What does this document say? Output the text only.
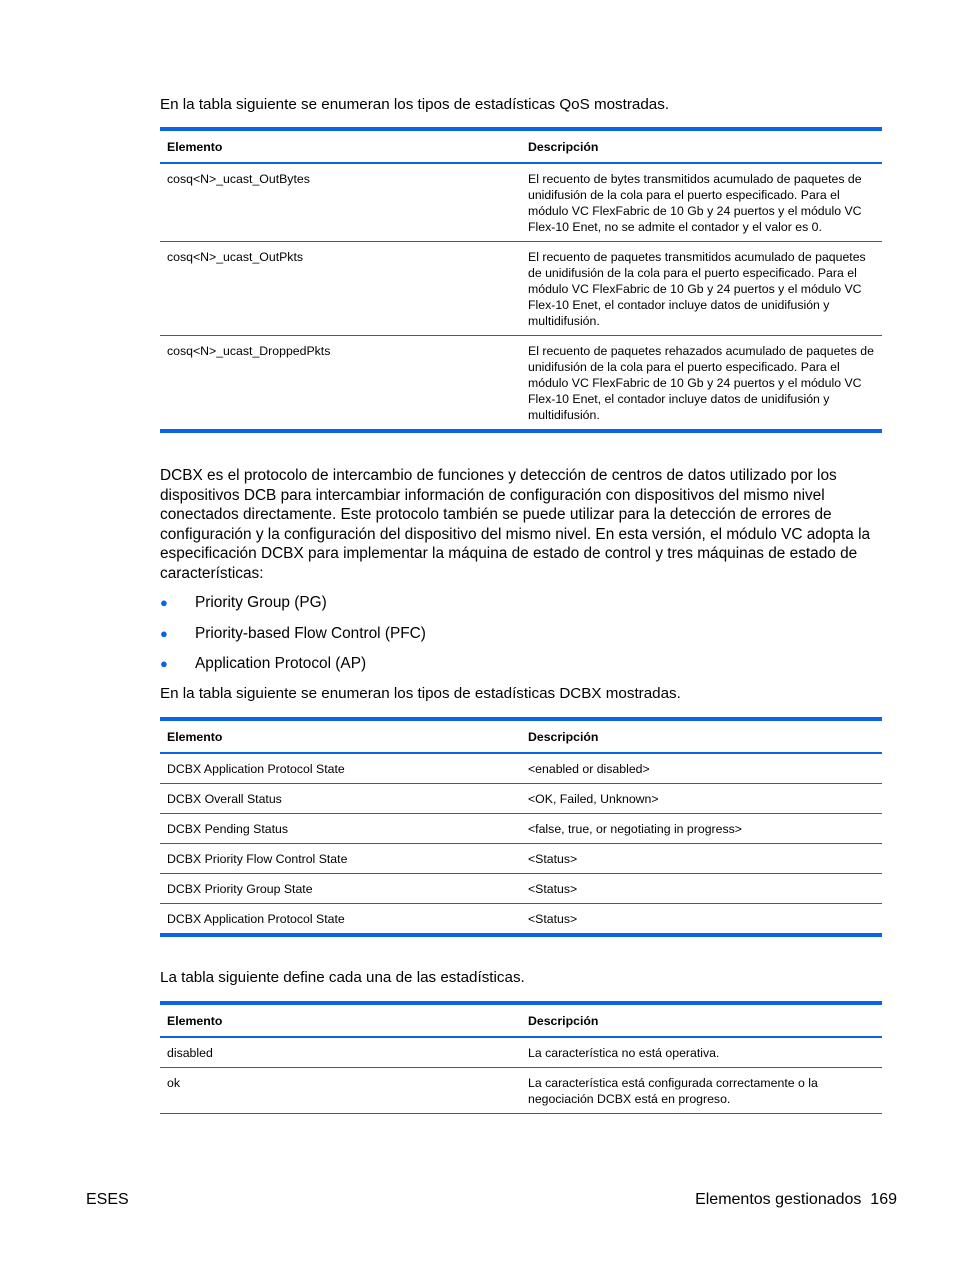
En la tabla siguiente se enumeran los tipos de estadísticas QoS mostradas.

Elemento	Descripción
cosq<N>_ucast_OutBytes	El recuento de bytes transmitidos acumulado de paquetes de unidifusión de la cola para el puerto especificado. Para el módulo VC FlexFabric de 10 Gb y 24 puertos y el módulo VC Flex-10 Enet, no se admite el contador y el valor es 0.
cosq<N>_ucast_OutPkts	El recuento de paquetes transmitidos acumulado de paquetes de unidifusión de la cola para el puerto especificado. Para el módulo VC FlexFabric de 10 Gb y 24 puertos y el módulo VC Flex-10 Enet, el contador incluye datos de unidifusión y multidifusión.
cosq<N>_ucast_DroppedPkts	El recuento de paquetes rehazados acumulado de paquetes de unidifusión de la cola para el puerto especificado. Para el módulo VC FlexFabric de 10 Gb y 24 puertos y el módulo VC Flex-10 Enet, el contador incluye datos de unidifusión y multidifusión.

DCBX es el protocolo de intercambio de funciones y detección de centros de datos utilizado por los dispositivos DCB para intercambiar información de configuración con dispositivos del mismo nivel conectados directamente. Este protocolo también se puede utilizar para la detección de errores de configuración y la configuración del dispositivo del mismo nivel. En esta versión, el módulo VC adopta la especificación DCBX para implementar la máquina de estado de control y tres máquinas de estado de características:

● Priority Group (PG)
● Priority-based Flow Control (PFC)
● Application Protocol (AP)

En la tabla siguiente se enumeran los tipos de estadísticas DCBX mostradas.

Elemento	Descripción
DCBX Application Protocol State	<enabled or disabled>
DCBX Overall Status	<OK, Failed, Unknown>
DCBX Pending Status	<false, true, or negotiating in progress>
DCBX Priority Flow Control State	<Status>
DCBX Priority Group State	<Status>
DCBX Application Protocol State	<Status>

La tabla siguiente define cada una de las estadísticas.

Elemento	Descripción
disabled	La característica no está operativa.
ok	La característica está configurada correctamente o la negociación DCBX está en progreso.
ESES	Elementos gestionados 169
